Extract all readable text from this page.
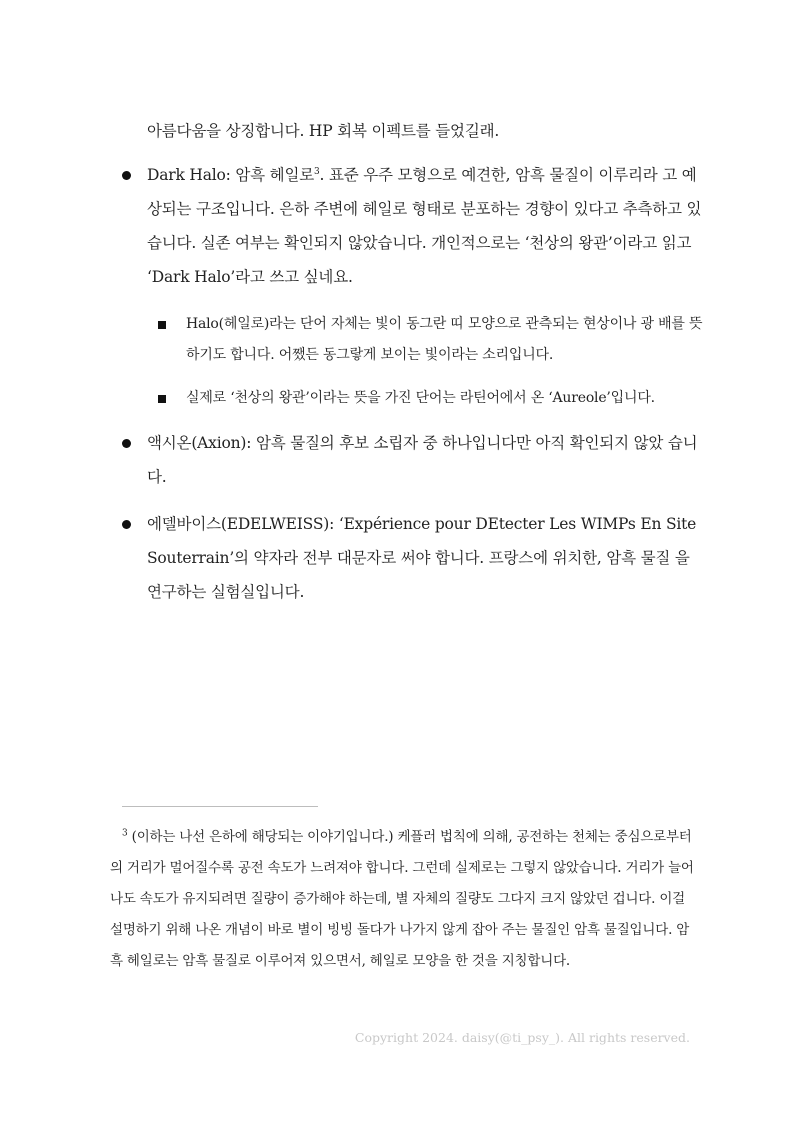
아름다움을 상징합니다. HP 회복 이펙트를 들었길래.
Dark Halo: 암흑 헤일로$^3$. 표준 우주 모형으로 예견한, 암흑 물질이 이루리라 고 예상되는 구조입니다. 은하 주변에 헤일로 형태로 분포하는 경향이 있다고 추측하고 있습니다. 실존 여부는 확인되지 않았습니다. 개인적으로는 ‘천상의 왕관’이라고 읽고 ‘Dark Halo’라고 쓰고 싶네요.
Halo(헤일로)라는 단어 자체는 빛이 동그란 띠 모양으로 관측되는 현상이나 광 배를 뜻하기도 합니다. 어쨌든 동그랗게 보이는 빛이라는 소리입니다.
실제로 ‘천상의 왕관’이라는 뜻을 가진 단어는 라틴어에서 온 ‘Aureole’입니다.
액시온(Axion): 암흑 물질의 후보 소립자 중 하나입니다만 아직 확인되지 않았 습니다.
에델바이스(EDELWEISS): ‘Expérience pour DEtecter Les WIMPs En Site Souterrain’의 약자라 전부 대문자로 써야 합니다. 프랑스에 위치한, 암흑 물질 을 연구하는 실험실입니다.
$^3$ (이하는 나선 은하에 해당되는 이야기입니다.) 케플러 법칙에 의해, 공전하는 천체는 중심으로부터의 거리가 멀어질수록 공전 속도가 느려져야 합니다. 그런데 실제로는 그렇지 않았습니다. 거리가 늘어나도 속도가 유지되려면 질량이 증가해야 하는데, 별 자체의 질량도 그다지 크지 않았던 겁니다. 이걸 설명하기 위해 나온 개념이 바로 별이 빙빙 돌다가 나가지 않게 잡아 주는 물질인 암흑 물질입니다. 암흑 헤일로는 암흑 물질로 이루어져 있으면서, 헤일로 모양을 한 것을 지칭합니다.
Copyright 2024. daisy(@ti_psy_). All rights reserved.
